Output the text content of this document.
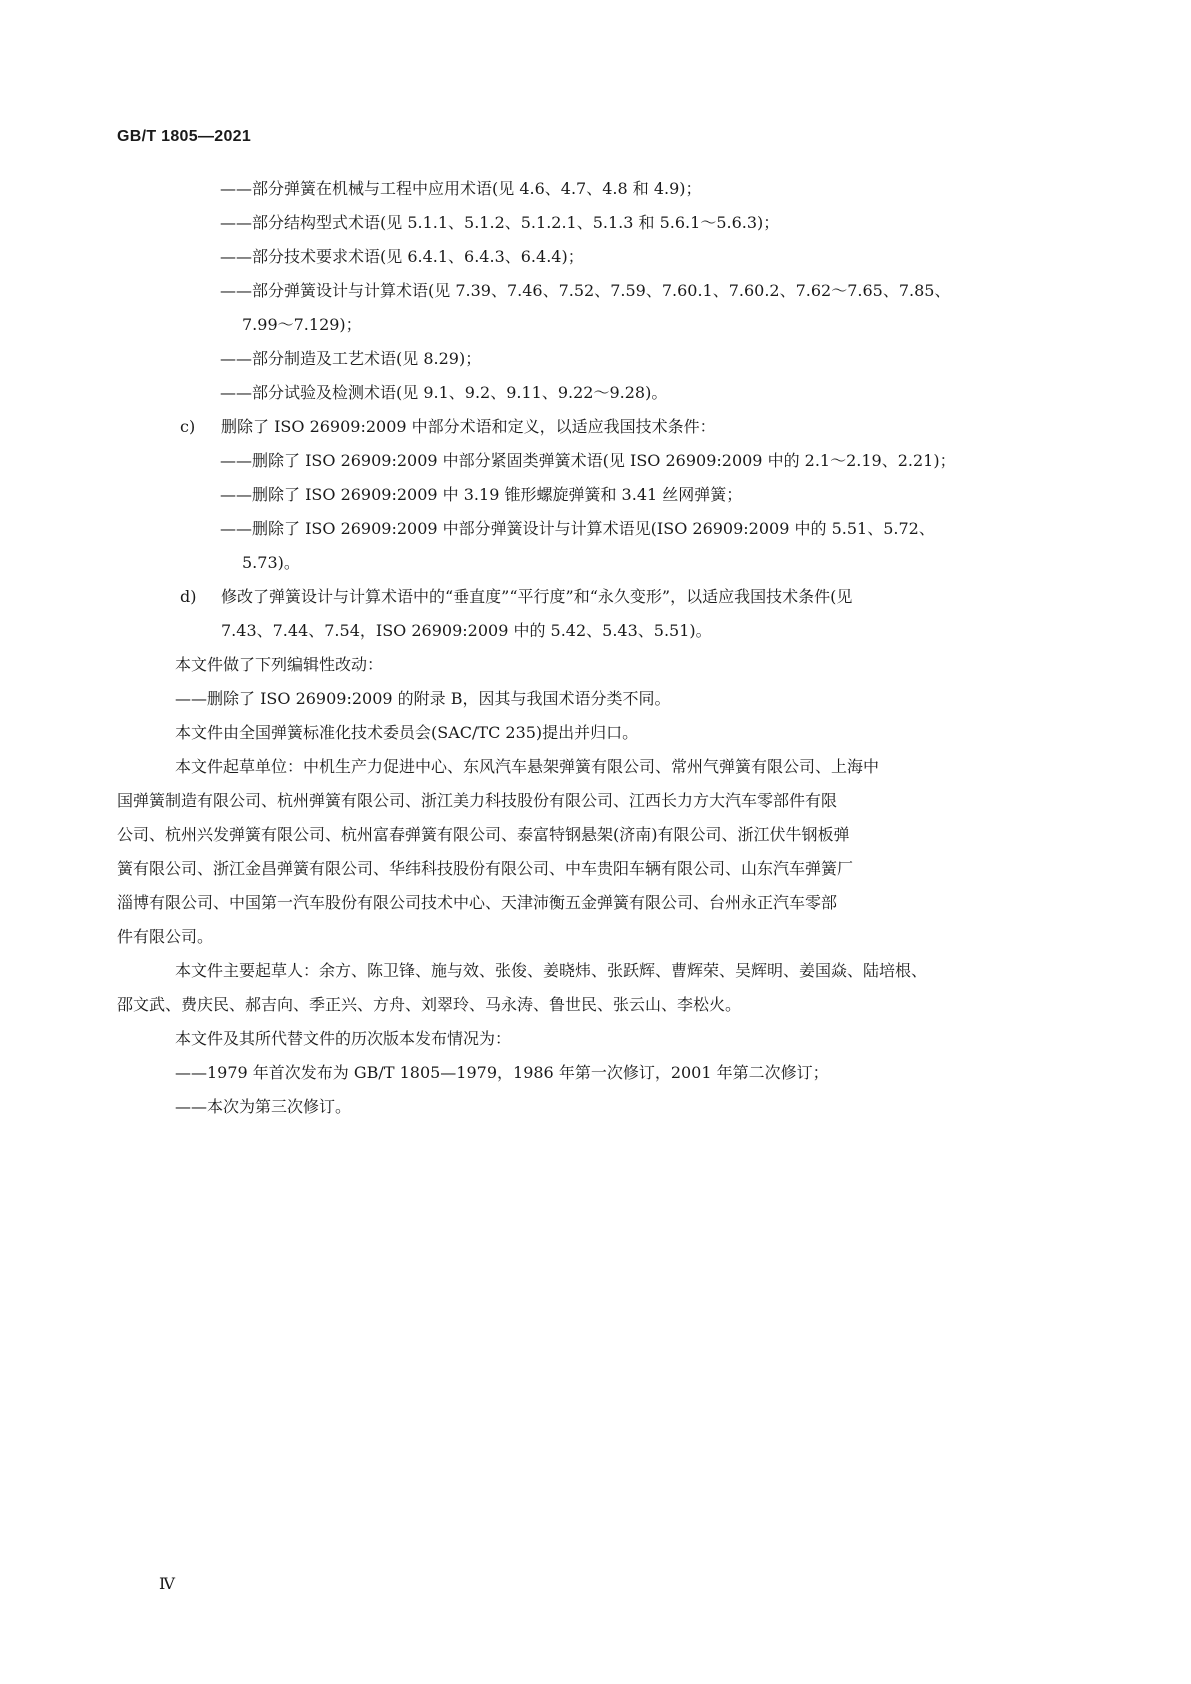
GB/T 1805—2021

——部分弹簧在机械与工程中应用术语(见 4.6、4.7、4.8 和 4.9)；

——部分结构型式术语(见 5.1.1、5.1.2、5.1.2.1、5.1.3 和 5.6.1～5.6.3)；

——部分技术要求术语(见 6.4.1、6.4.3、6.4.4)；

——部分弹簧设计与计算术语(见 7.39、7.46、7.52、7.59、7.60.1、7.60.2、7.62～7.65、7.85、

7.99～7.129)；

——部分制造及工艺术语(见 8.29)；

——部分试验及检测术语(见 9.1、9.2、9.11、9.22～9.28)。

c) 删除了 ISO 26909:2009 中部分术语和定义，以适应我国技术条件：

——删除了 ISO 26909:2009 中部分紧固类弹簧术语(见 ISO 26909:2009 中的 2.1～2.19、2.21)；

——删除了 ISO 26909:2009 中 3.19 锥形螺旋弹簧和 3.41 丝网弹簧；

——删除了 ISO 26909:2009 中部分弹簧设计与计算术语见(ISO 26909:2009 中的 5.51、5.72、

5.73)。

d) 修改了弹簧设计与计算术语中的“垂直度”“平行度”和“永久变形”，以适应我国技术条件(见

7.43、7.44、7.54，ISO 26909:2009 中的 5.42、5.43、5.51)。

本文件做了下列编辑性改动：

——删除了 ISO 26909:2009 的附录 B，因其与我国术语分类不同。

本文件由全国弹簧标准化技术委员会(SAC/TC 235)提出并归口。

本文件起草单位：中机生产力促进中心、东风汽车悬架弹簧有限公司、常州气弹簧有限公司、上海中

国弹簧制造有限公司、杭州弹簧有限公司、浙江美力科技股份有限公司、江西长力方大汽车零部件有限

公司、杭州兴发弹簧有限公司、杭州富春弹簧有限公司、泰富特钢悬架(济南)有限公司、浙江伏牛钢板弹

簧有限公司、浙江金昌弹簧有限公司、华纬科技股份有限公司、中车贵阳车辆有限公司、山东汽车弹簧厂

淄博有限公司、中国第一汽车股份有限公司技术中心、天津沛衡五金弹簧有限公司、台州永正汽车零部

件有限公司。

本文件主要起草人：余方、陈卫锋、施与效、张俊、姜晓炜、张跃辉、曹辉荣、吴辉明、姜国焱、陆培根、

邵文武、费庆民、郝吉向、季正兴、方舟、刘翠玲、马永涛、鲁世民、张云山、李松火。

本文件及其所代替文件的历次版本发布情况为：

——1979 年首次发布为 GB/T 1805—1979，1986 年第一次修订，2001 年第二次修订；

——本次为第三次修订。

Ⅳ
